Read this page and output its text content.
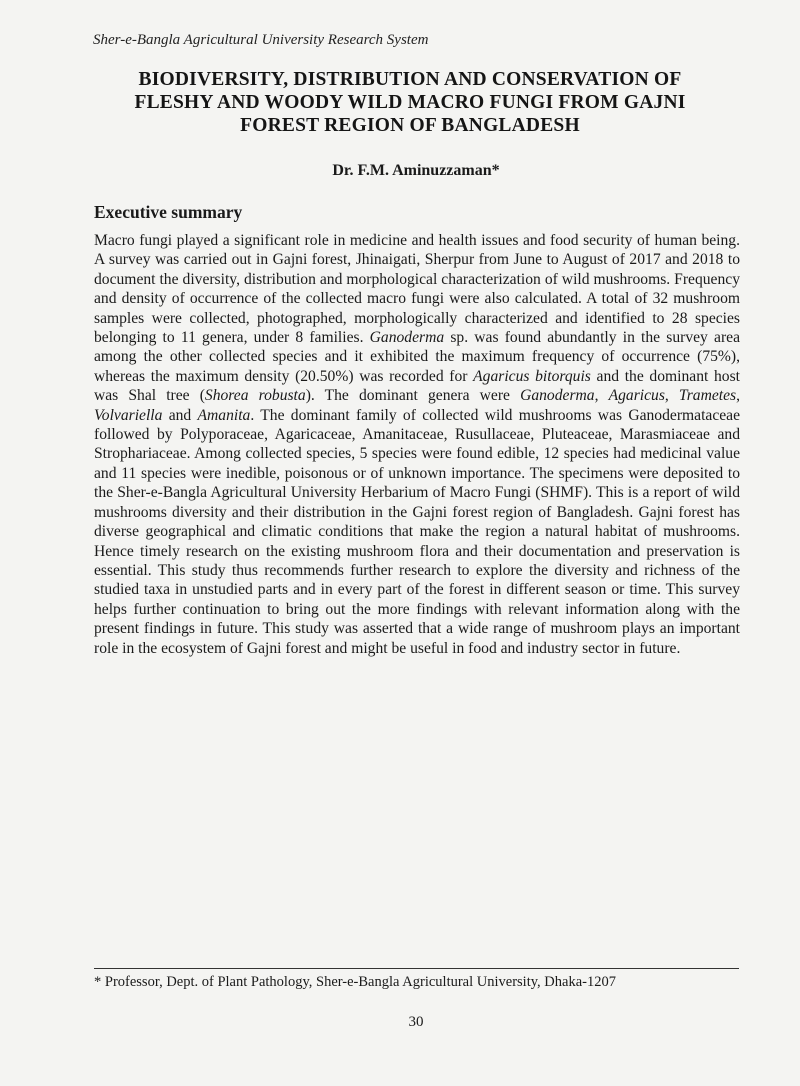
Sher-e-Bangla Agricultural University Research System
BIODIVERSITY, DISTRIBUTION AND CONSERVATION OF
FLESHY AND WOODY WILD MACRO FUNGI FROM GAJNI
FOREST REGION OF BANGLADESH
Dr. F.M. Aminuzzaman*
Executive summary

Macro fungi played a significant role in medicine and health issues and food security of human being. A survey was carried out in Gajni forest, Jhinaigati, Sherpur from June to August of 2017 and 2018 to document the diversity, distribution and morphological characterization of wild mushrooms. Frequency and density of occurrence of the collected macro fungi were also calculated. A total of 32 mushroom samples were collected, photographed, morphologically characterized and identified to 28 species belonging to 11 genera, under 8 families. Ganoderma sp. was found abundantly in the survey area among the other collected species and it exhibited the maximum frequency of occurrence (75%), whereas the maximum density (20.50%) was recorded for Agaricus bitorquis and the dominant host was Shal tree (Shorea robusta). The dominant genera were Ganoderma, Agaricus, Trametes, Volvariella and Amanita. The dominant family of collected wild mushrooms was Ganodermataceae followed by Polyporaceae, Agaricaceae, Amanitaceae, Rusullaceae, Pluteaceae, Marasmiaceae and Strophariaceae. Among collected species, 5 species were found edible, 12 species had medicinal value and 11 species were inedible, poisonous or of unknown importance. The specimens were deposited to the Sher-e-Bangla Agricultural University Herbarium of Macro Fungi (SHMF). This is a report of wild mushrooms diversity and their distribution in the Gajni forest region of Bangladesh. Gajni forest has diverse geographical and climatic conditions that make the region a natural habitat of mushrooms. Hence timely research on the existing mushroom flora and their documentation and preservation is essential. This study thus recommends further research to explore the diversity and richness of the studied taxa in unstudied parts and in every part of the forest in different season or time. This survey helps further continuation to bring out the more findings with relevant information along with the present findings in future. This study was asserted that a wide range of mushroom plays an important role in the ecosystem of Gajni forest and might be useful in food and industry sector in future.

* Professor, Dept. of Plant Pathology, Sher-e-Bangla Agricultural University, Dhaka-1207
30
